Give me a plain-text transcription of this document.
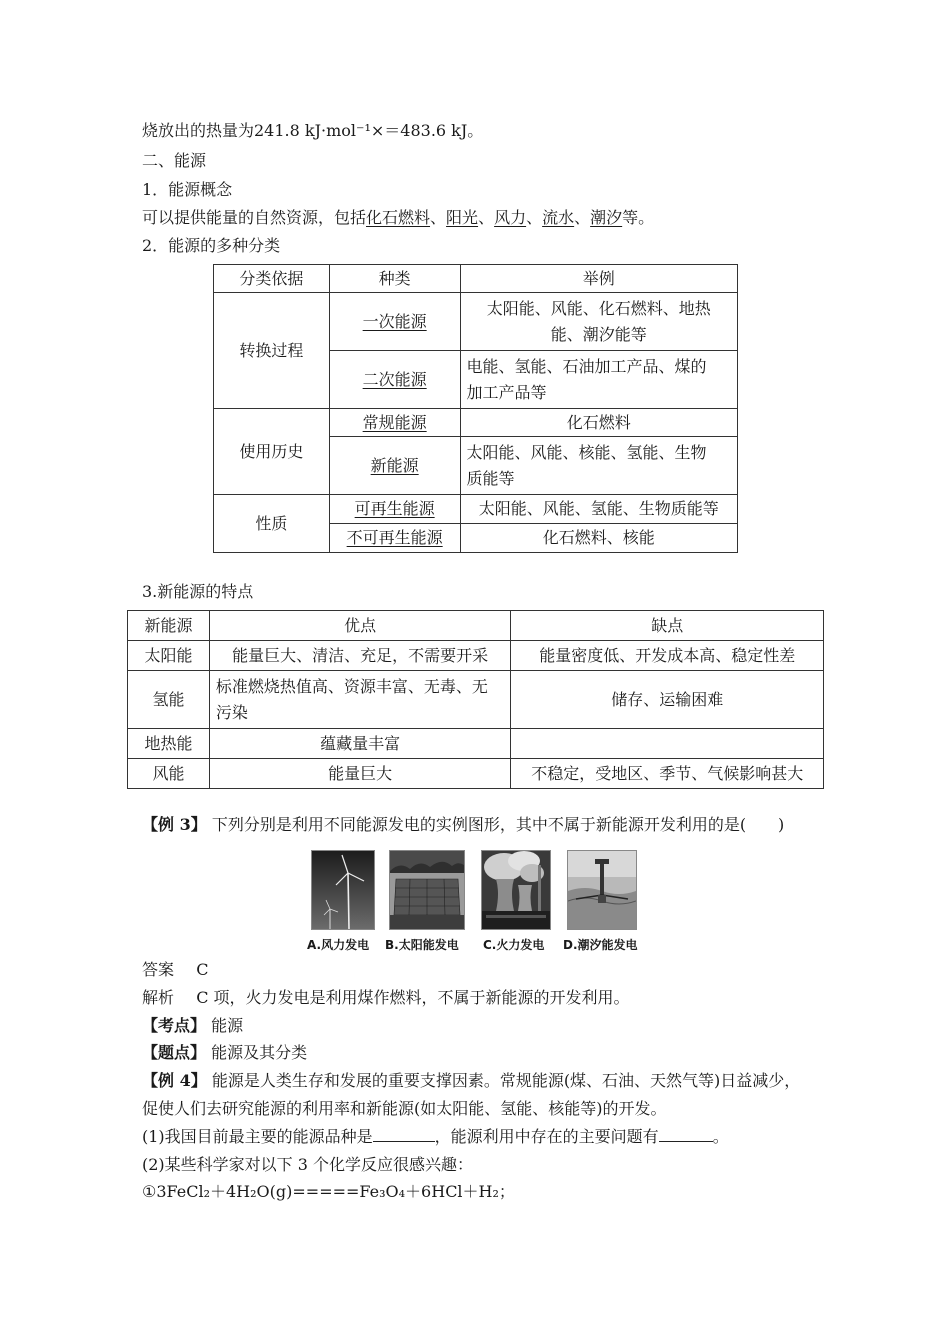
烧放出的热量为241.8 kJ·mol⁻¹×＝483.6 kJ。
二、能源
1．能源概念
可以提供能量的自然资源，包括化石燃料、阳光、风力、流水、潮汐等。
2．能源的多种分类
分类依据	种类	举例
转换过程	一次能源	太阳能、风能、化石燃料、地热
能、潮汐能等

	二次能源	电能、氢能、石油加工产品、煤的
加工产品等

使用历史	常规能源	化石燃料
	新能源	太阳能、风能、核能、氢能、生物
质能等

性质	可再生能源	太阳能、风能、氢能、生物质能等
	不可再生能源	化石燃料、核能
3.新能源的特点
新能源	优点	缺点
太阳能	能量巨大、清洁、充足，不需要开采	能量密度低、开发成本高、稳定性差
氢能	标准燃烧热值高、资源丰富、无毒、无
污染	储存、运输困难
地热能	蕴藏量丰富	
风能	能量巨大	不稳定，受地区、季节、气候影响甚大
【例 3】 下列分别是利用不同能源发电的实例图形，其中不属于新能源开发利用的是(　　)
A.风力发电 B.太阳能发电 C.火力发电 D.潮汐能发电
答案 C
解析 C 项，火力发电是利用煤作燃料，不属于新能源的开发利用。
【考点】 能源
【题点】 能源及其分类
【例 4】 能源是人类生存和发展的重要支撑因素。常规能源(煤、石油、天然气等)日益减少，
促使人们去研究能源的利用率和新能源(如太阳能、氢能、核能等)的开发。
(1)我国目前最主要的能源品种是	，能源利用中存在的主要问题有	。
(2)某些科学家对以下 3 个化学反应很感兴趣：
①3FeCl₂＋4H₂O(g)=====Fe₃O₄＋6HCl＋H₂；
